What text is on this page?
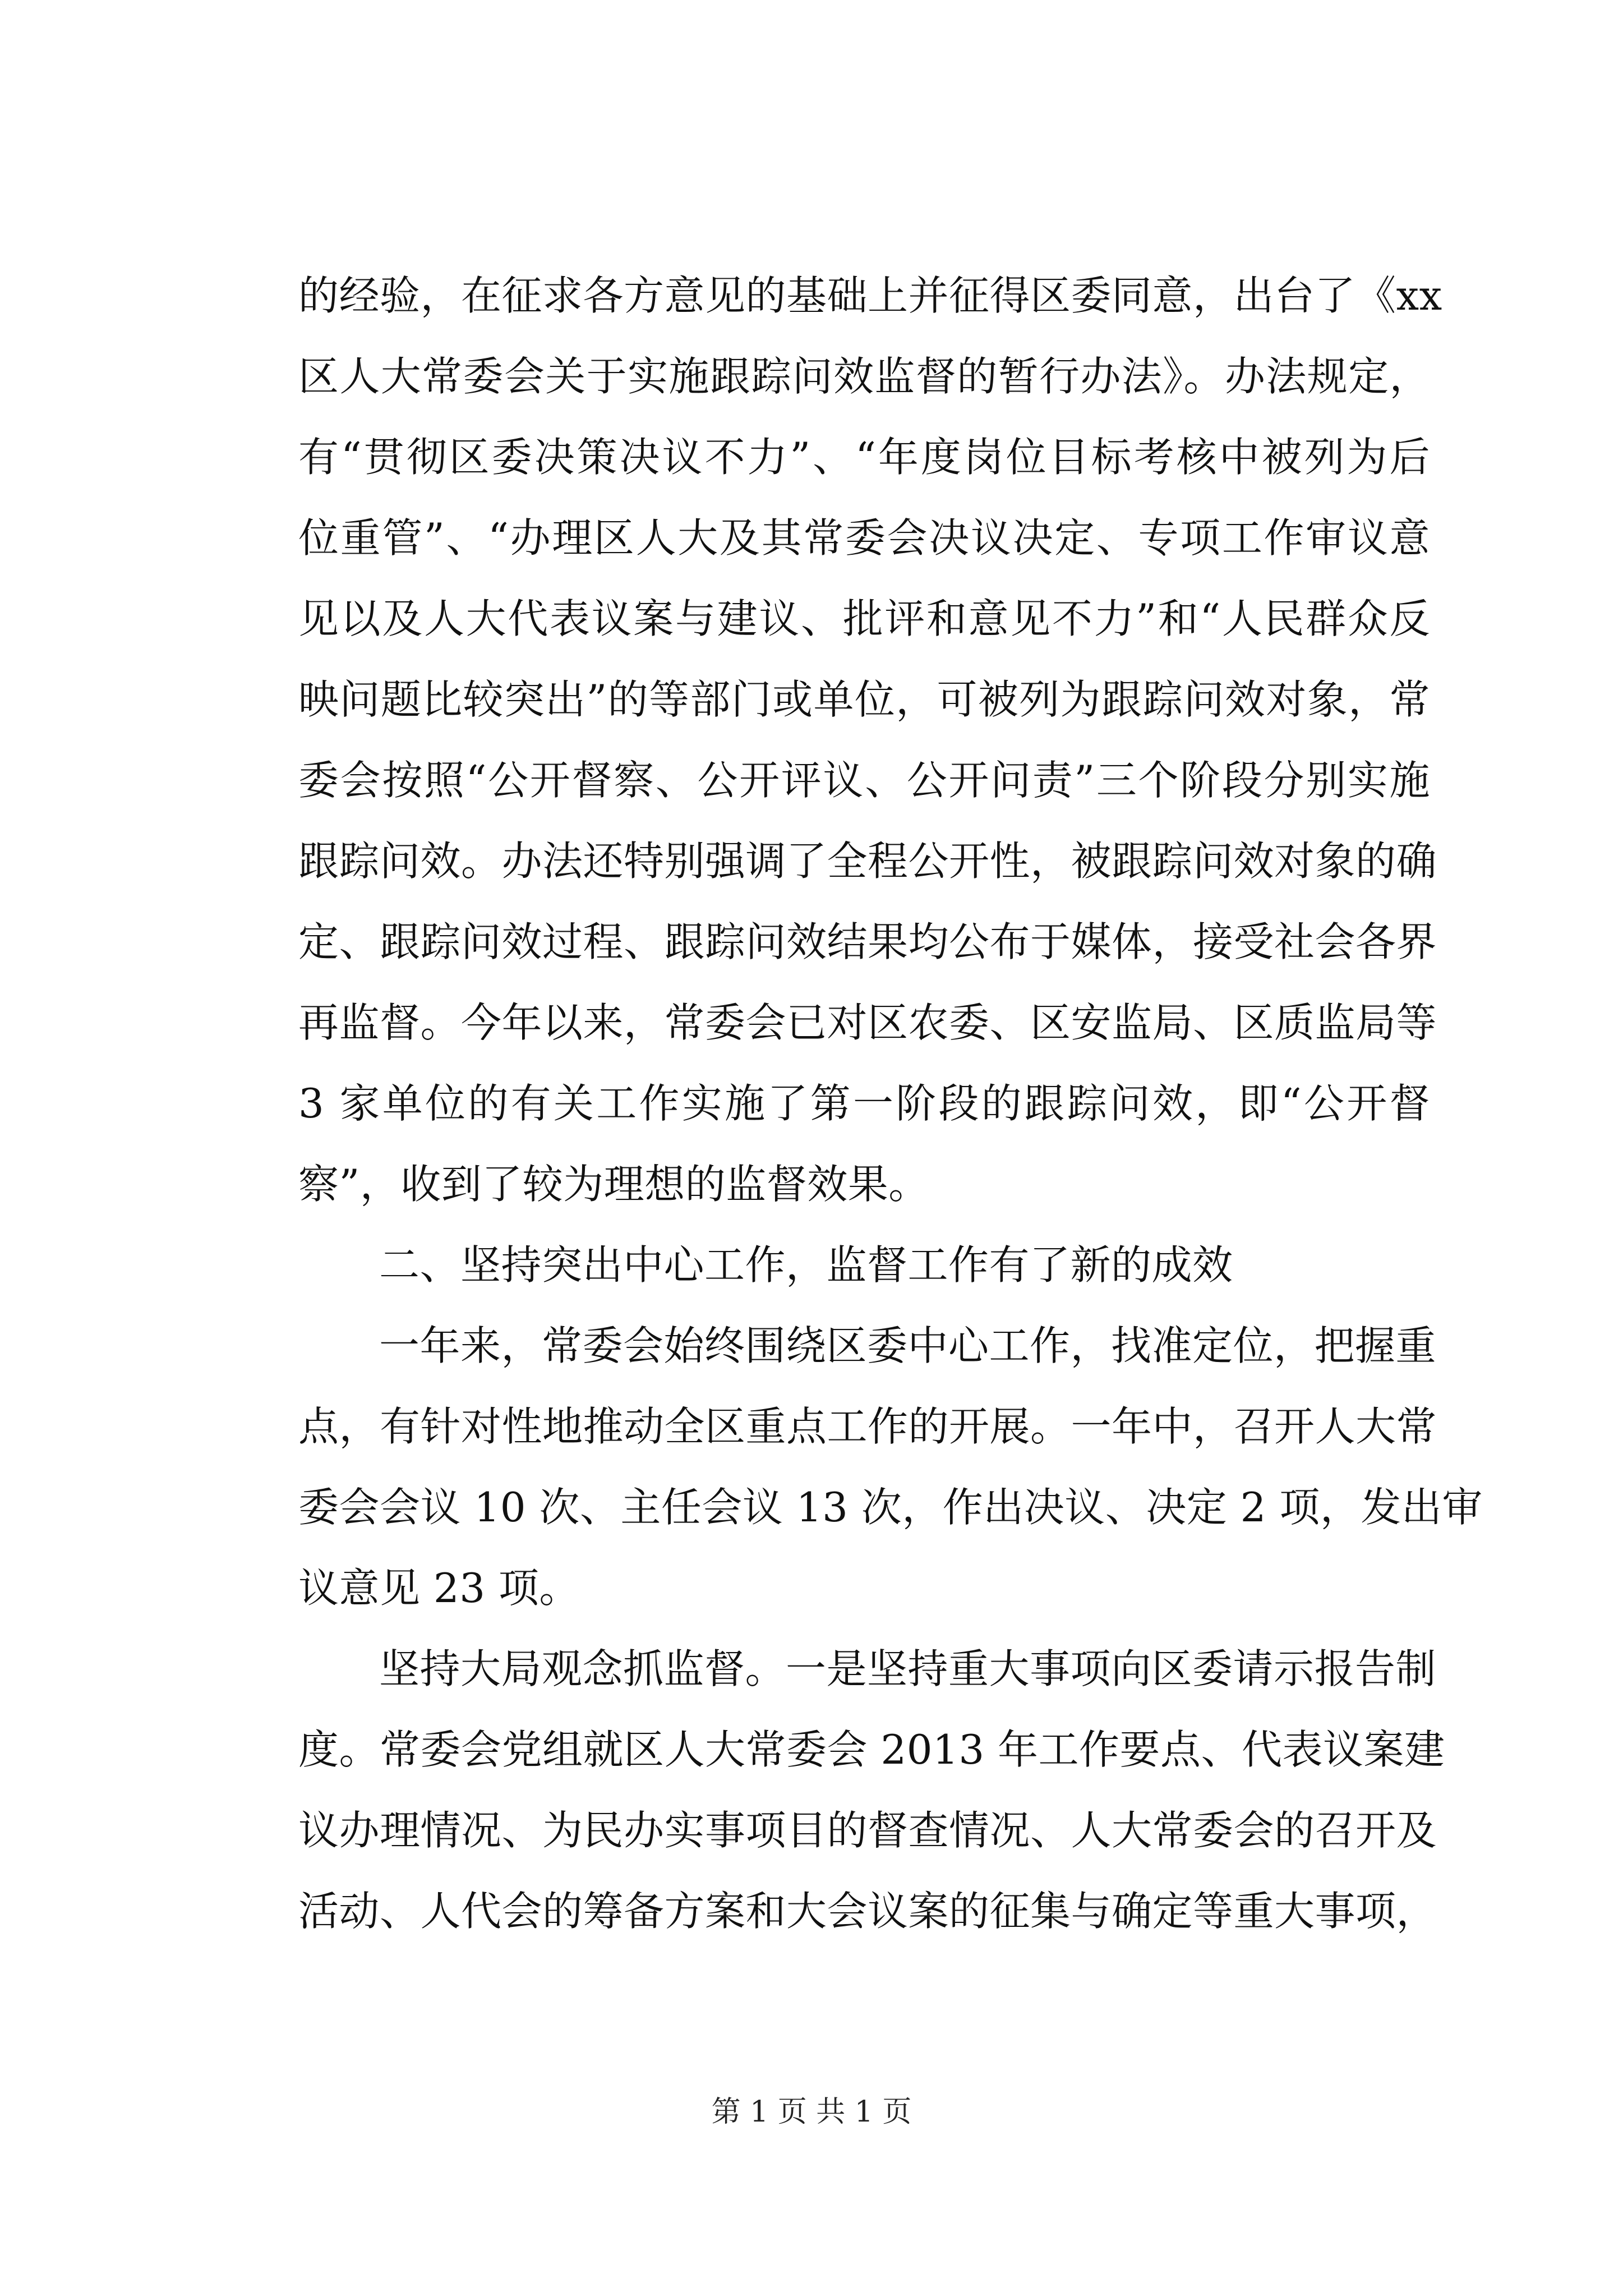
的经验，在征求各方意见的基础上并征得区委同意，出台了《xx
区人大常委会关于实施跟踪问效监督的暂行办法》。办法规定，
有“贯彻区委决策决议不力”、“年度岗位目标考核中被列为后
位重管”、“办理区人大及其常委会决议决定、专项工作审议意
见以及人大代表议案与建议、批评和意见不力”和“人民群众反
映问题比较突出”的等部门或单位，可被列为跟踪问效对象，常
委会按照“公开督察、公开评议、公开问责”三个阶段分别实施
跟踪问效。办法还特别强调了全程公开性，被跟踪问效对象的确
定、跟踪问效过程、跟踪问效结果均公布于媒体，接受社会各界
再监督。今年以来，常委会已对区农委、区安监局、区质监局等
3 家单位的有关工作实施了第一阶段的跟踪问效，即“公开督
察”，收到了较为理想的监督效果。
二、坚持突出中心工作，监督工作有了新的成效
一年来，常委会始终围绕区委中心工作，找准定位，把握重
点，有针对性地推动全区重点工作的开展。一年中，召开人大常
委会会议 10 次、主任会议 13 次，作出决议、决定 2 项，发出审
议意见 23 项。
坚持大局观念抓监督。一是坚持重大事项向区委请示报告制
度。常委会党组就区人大常委会 2013 年工作要点、代表议案建
议办理情况、为民办实事项目的督查情况、人大常委会的召开及
活动、人代会的筹备方案和大会议案的征集与确定等重大事项，
第 1 页 共 1 页
